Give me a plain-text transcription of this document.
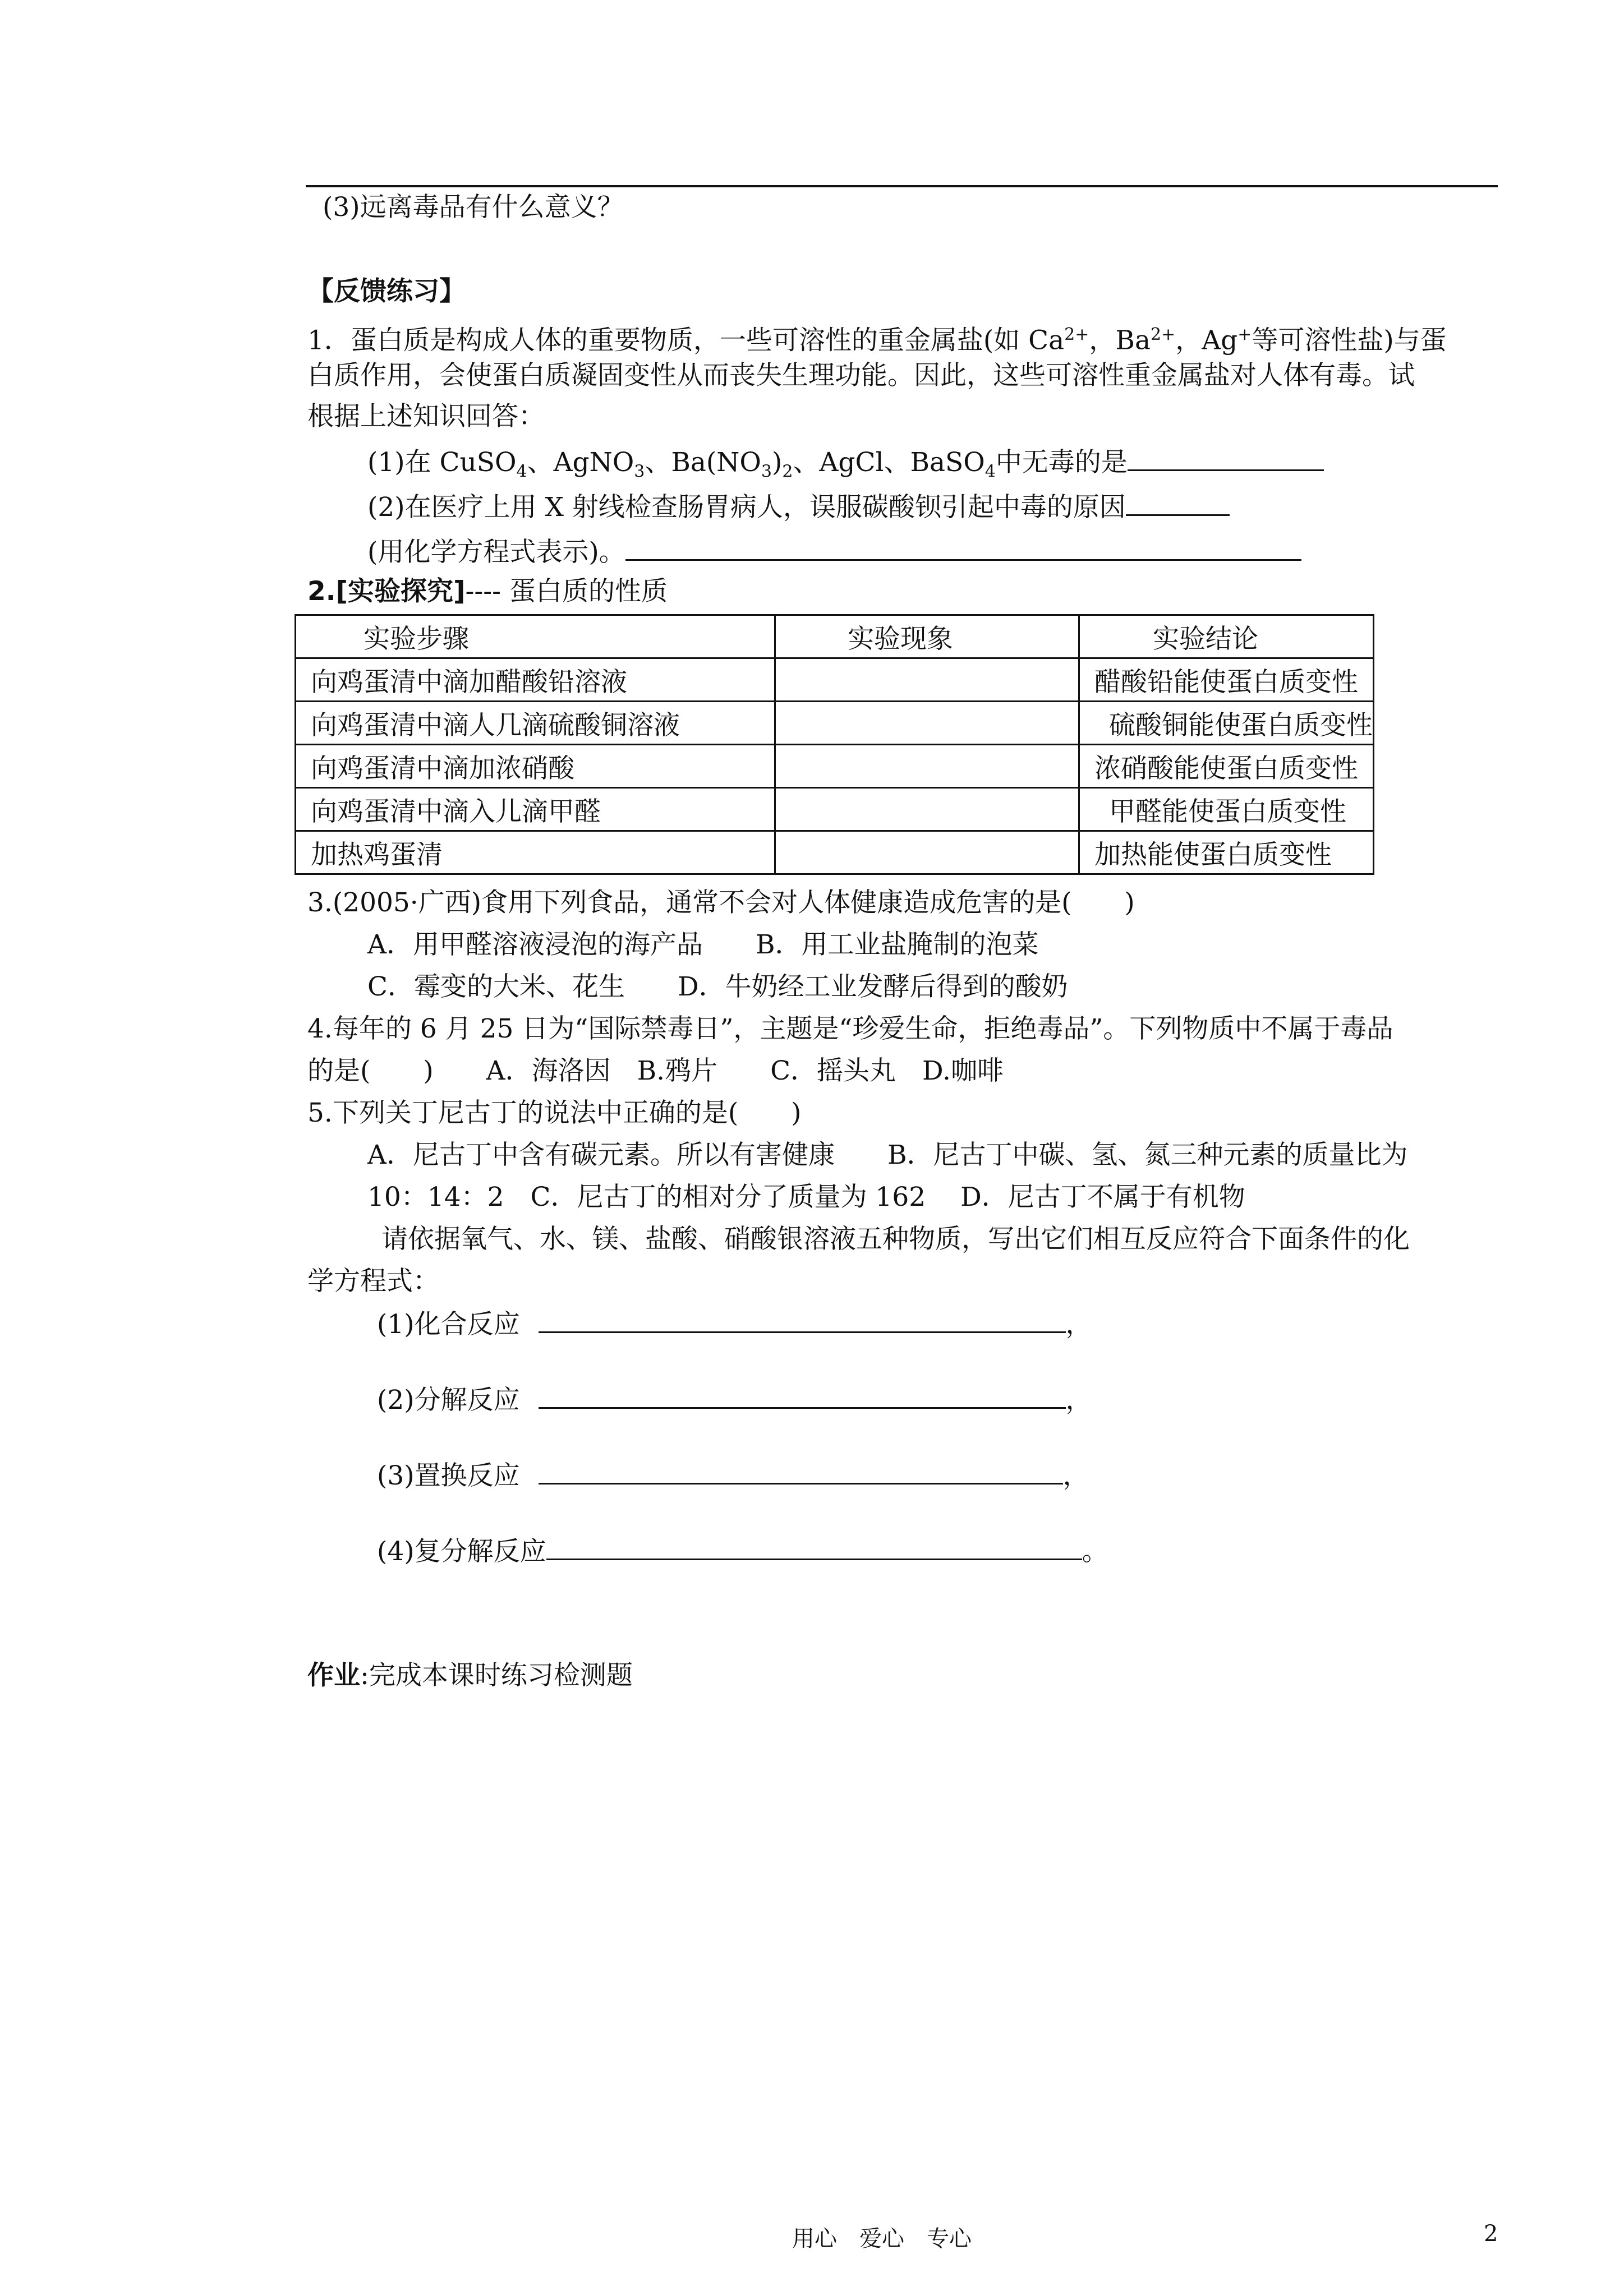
(3)远离毒品有什么意义？
【反馈练习】
1．蛋白质是构成人体的重要物质，一些可溶性的重金属盐(如 $Ca^{2+}$，$Ba^{2+}$，Ag+等可溶性盐)与蛋
白质作用，会使蛋白质凝固变性从而丧失生理功能。因此，这些可溶性重金属盐对人体有毒。试
根据上述知识回答：
(1)在 CuSO$_4$、AgNO$_3$、$Ba(NO_3)_2$、AgCl、BaSO$_4$中无毒的是
(2)在医疗上用 X 射线检查肠胃病人，误服碳酸钡引起中毒的原因
(用化学方程式表示)。
2.[实验探究]---- 蛋白质的性质
实验步骤	实验现象	实验结论
向鸡蛋清中滴加醋酸铅溶液		醋酸铅能使蛋白质变性
向鸡蛋清中滴人几滴硫酸铜溶液		硫酸铜能使蛋白质变性
向鸡蛋清中滴加浓硝酸		浓硝酸能使蛋白质变性
向鸡蛋清中滴入儿滴甲醛		甲醛能使蛋白质变性
加热鸡蛋清		加热能使蛋白质变性
3.(2005·广西)食用下列食品，通常不会对人体健康造成危害的是(　　)
A．用甲醛溶液浸泡的海产品　　B．用工业盐腌制的泡菜
C．霉变的大米、花生　　D．牛奶经工业发酵后得到的酸奶
4.每年的 6 月 25 日为“国际禁毒日”，主题是“珍爱生命，拒绝毒品”。下列物质中不属于毒品
的是(　　)　　A．海洛因　B.鸦片　　C．摇头丸　D.咖啡
5.下列关丁尼古丁的说法中正确的是(　　)
A．尼古丁中含有碳元素。所以有害健康　　B．尼古丁中碳、氢、氮三种元素的质量比为
10：14：2　C．尼古丁的相对分了质量为 162　 D．尼古丁不属于有机物
请依据氧气、水、镁、盐酸、硝酸银溶液五种物质，写出它们相互反应符合下面条件的化
学方程式：
(1)化合反应	，
(2)分解反应	，
(3)置换反应	，
(4)复分解反应	。
作业:完成本课时练习检测题
用心　爱心　专心	2
